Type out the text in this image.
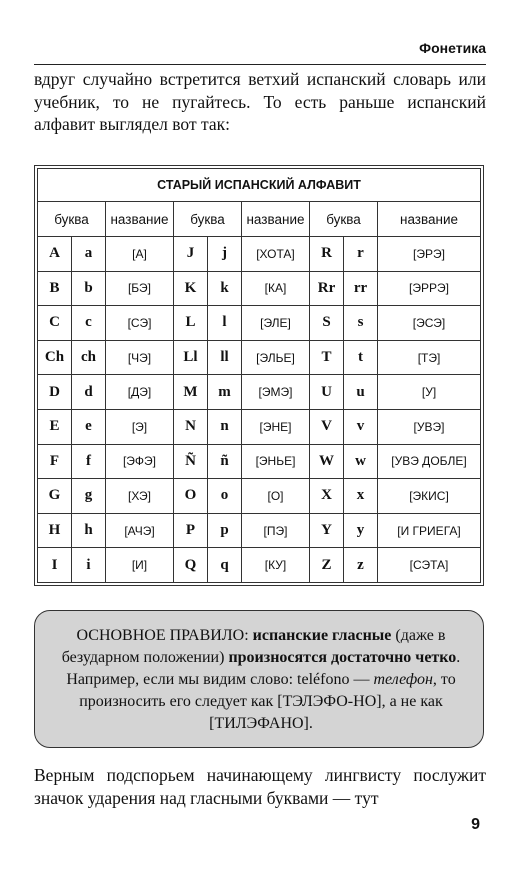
Фонетика
вдруг случайно встретится ветхий испанский словарь или учебник, то не пугайтесь. То есть раньше испанский алфавит выглядел вот так:
СТАРЫЙ ИСПАНСКИЙ АЛФАВИТ								
буква		название	буква		название	буква		название
A	a	[А]	J	j	[ХОТА]	R	r	[ЭРЭ]
B	b	[БЭ]	K	k	[КА]	Rr	rr	[ЭРРЭ]
C	c	[СЭ]	L	l	[ЭЛЕ]	S	s	[ЭСЭ]
Ch	ch	[ЧЭ]	Ll	ll	[ЭЛЬЕ]	T	t	[ТЭ]
D	d	[ДЭ]	M	m	[ЭМЭ]	U	u	[У]
E	e	[Э]	N	n	[ЭНЕ]	V	v	[УВЭ]
F	f	[ЭФЭ]	Ñ	ñ	[ЭНЬЕ]	W	w	[УВЭ ДОБЛЕ]
G	g	[ХЭ]	O	o	[О]	X	x	[ЭКИС]
H	h	[АЧЭ]	P	p	[ПЭ]	Y	y	[И ГРИЕГА]
I	i	[И]	Q	q	[КУ]	Z	z	[СЭТА]
ОСНОВНОЕ ПРАВИЛО: испанские гласные (даже в безударном положении) произносятся достаточно четко. Например, если мы видим слово: teléfono — телефон, то произносить его следует как [ТЭЛЭФО-НО], а не как [ТИЛЭФАНО].
Верным подспорьем начинающему лингвисту послужит значок ударения над гласными буквами — тут
9
